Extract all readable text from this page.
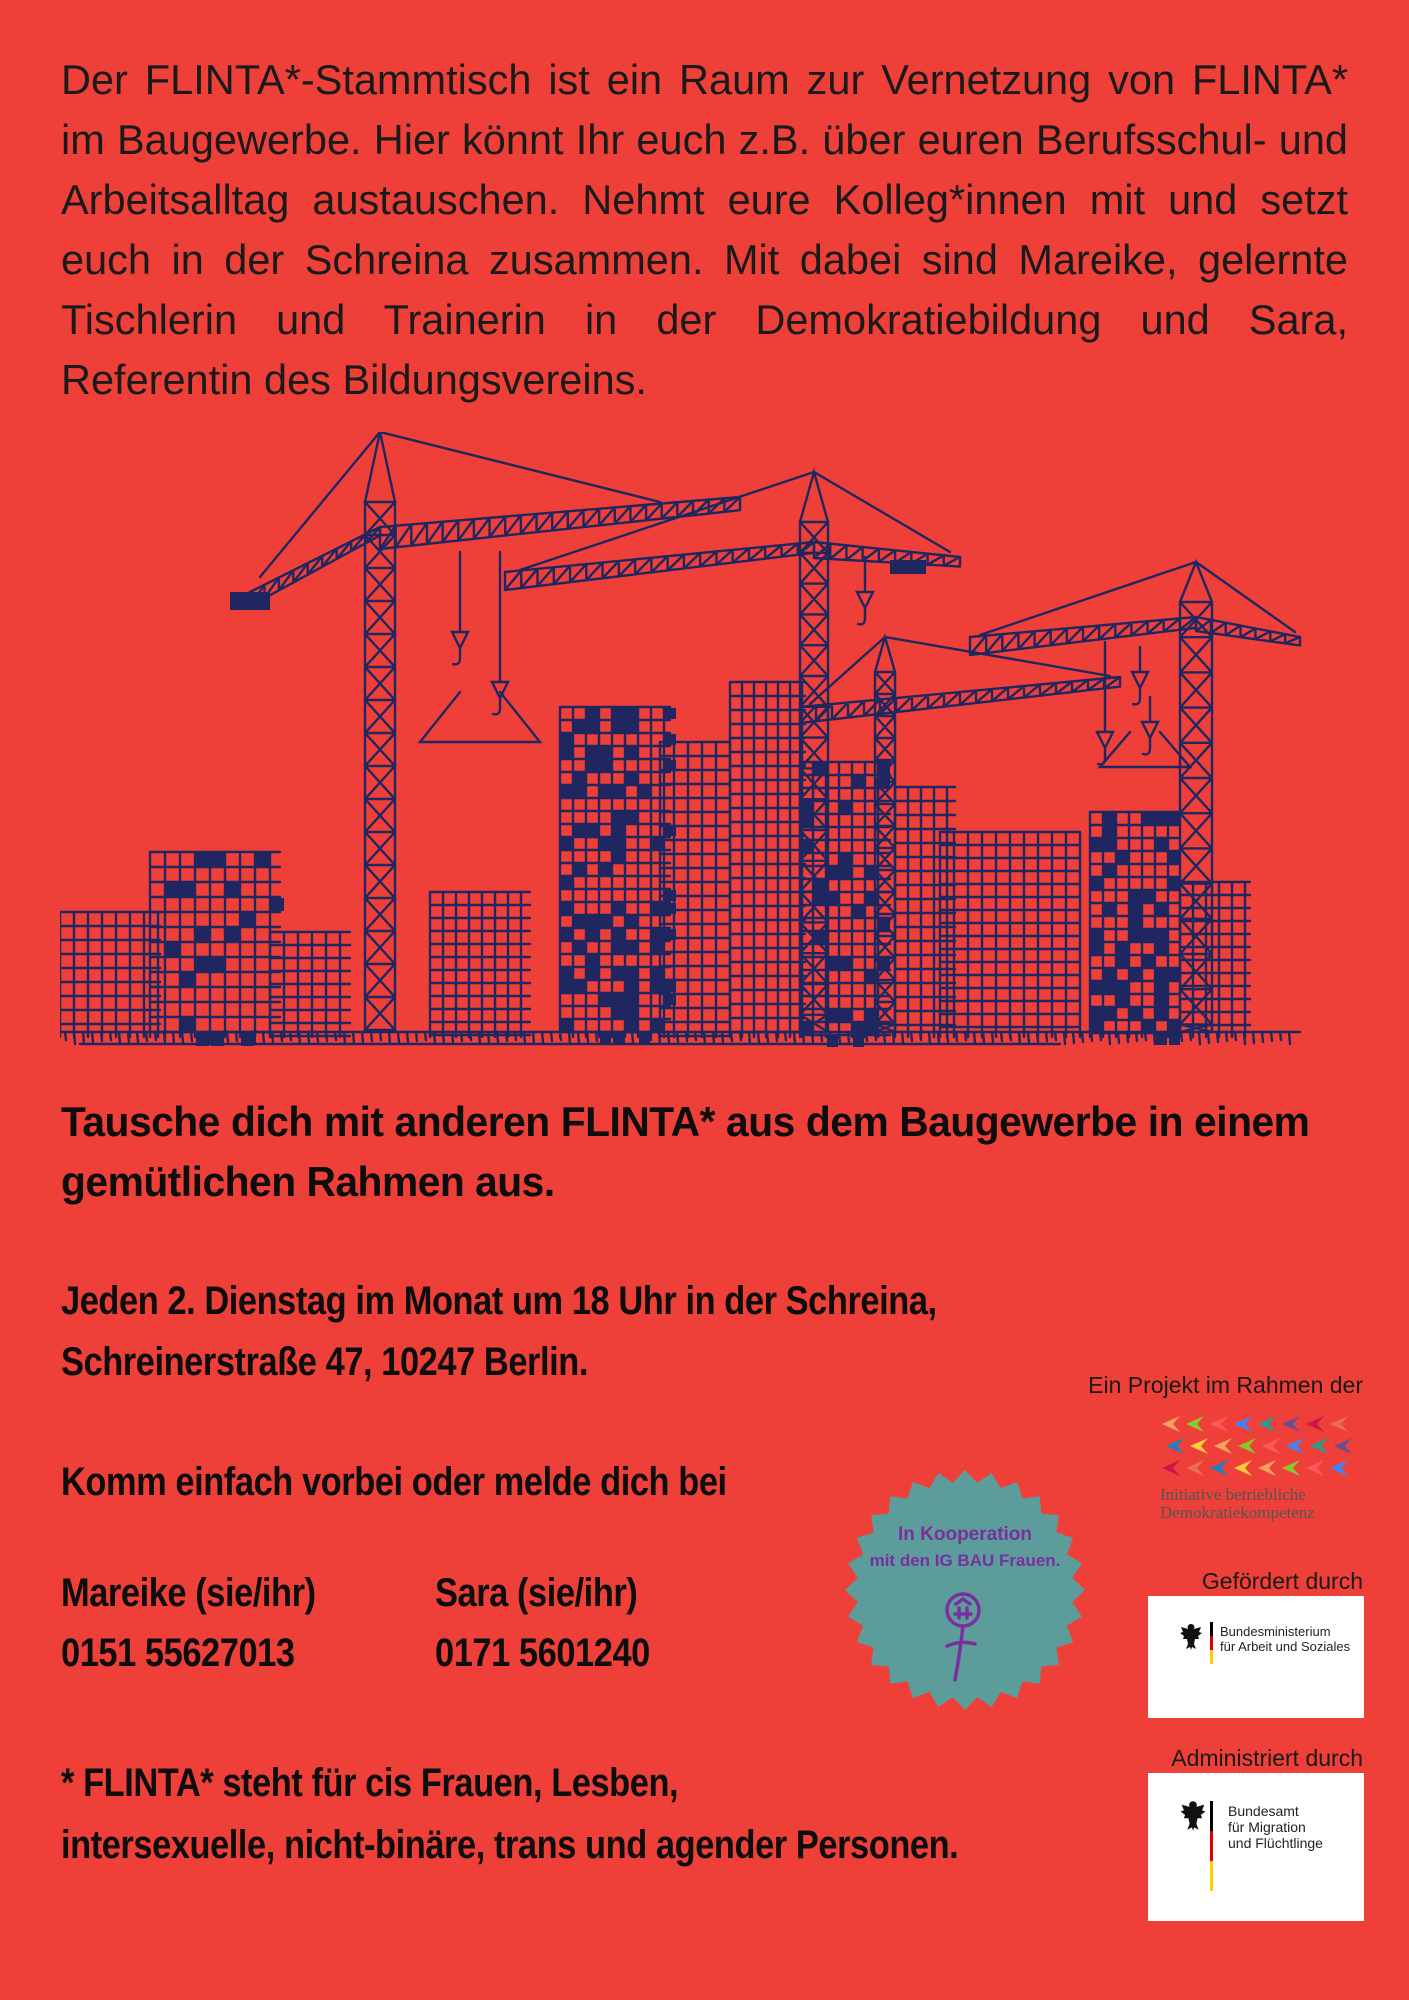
Der FLINTA*-Stammtisch ist ein Raum zur Vernetzung von FLINTA* im Baugewerbe. Hier könnt Ihr euch z.B. über euren Berufsschul- und Arbeitsalltag austauschen. Nehmt eure Kolleg*innen mit und setzt euch in der Schreina zusammen. Mit dabei sind Mareike, gelernte Tischlerin und Trainerin in der Demokratiebildung und Sara, Referentin des Bildungsvereins.

Tausche dich mit anderen FLINTA* aus dem Baugewerbe in einem gemütlichen Rahmen aus.

Jeden 2. Dienstag im Monat um 18 Uhr in der Schreina,
Schreinerstraße 47, 10247 Berlin.
Komm einfach vorbei oder melde dich bei
Mareike (sie/ihr)
0151 55627013
Sara (sie/ihr)
0171 5601240
* FLINTA* steht für cis Frauen, Lesben,
intersexuelle, nicht-binäre, trans und agender Personen.
In Kooperation
mit den IG BAU Frauen.
Ein Projekt im Rahmen der
Initiative betriebliche
Demokratiekompetenz
Gefördert durch
Bundesministerium
für Arbeit und Soziales
Administriert durch
Bundesamt
für Migration
und Flüchtlinge
